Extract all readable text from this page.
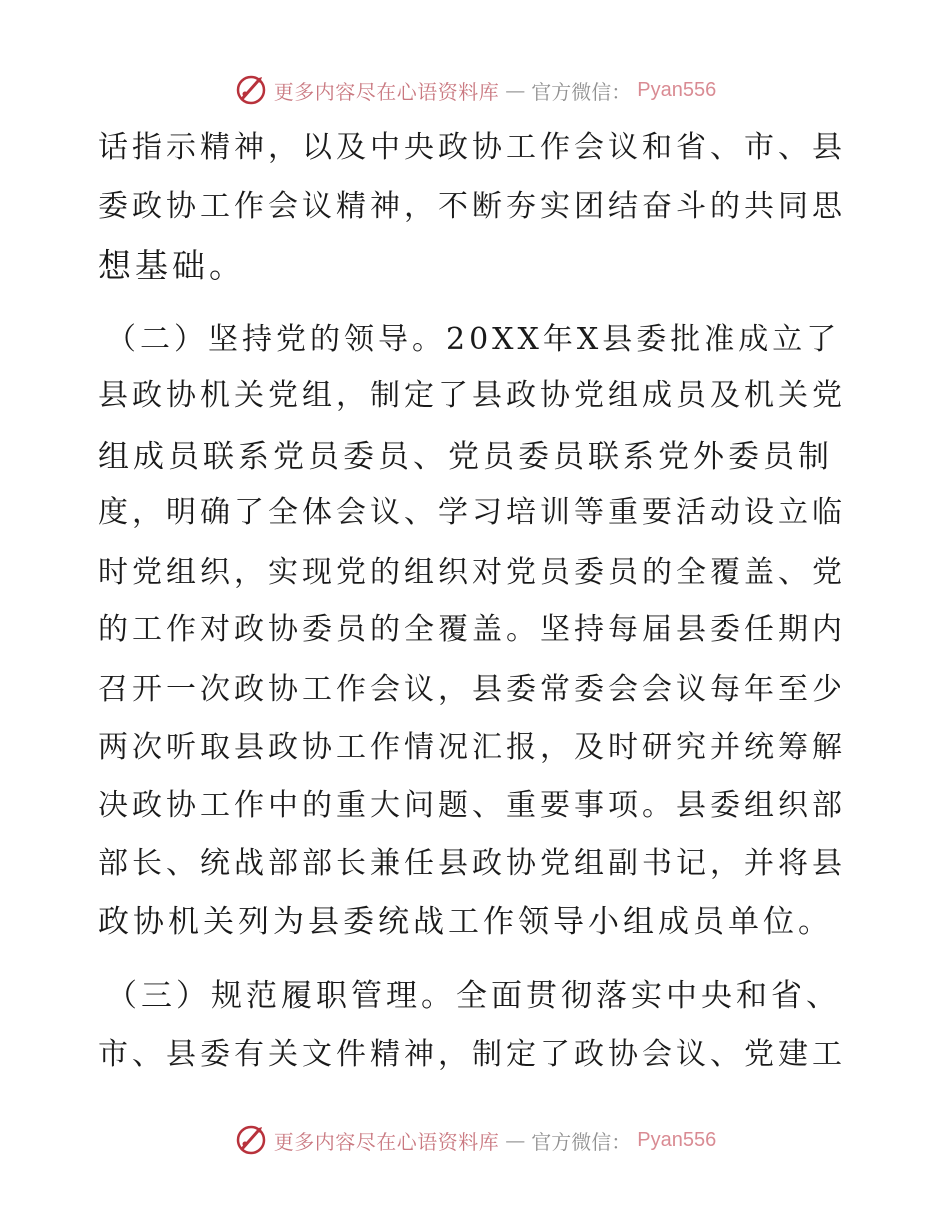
更多内容尽在心语资料库 — 官方微信： Pyan556
话指示精神，以及中央政协工作会议和省、市、县
委政协工作会议精神，不断夯实团结奋斗的共同思
想基础。
（二）坚持党的领导。20XX年X县委批准成立了
县政协机关党组，制定了县政协党组成员及机关党
组成员联系党员委员、党员委员联系党外委员制
度，明确了全体会议、学习培训等重要活动设立临
时党组织，实现党的组织对党员委员的全覆盖、党
的工作对政协委员的全覆盖。坚持每届县委任期内
召开一次政协工作会议，县委常委会会议每年至少
两次听取县政协工作情况汇报，及时研究并统筹解
决政协工作中的重大问题、重要事项。县委组织部
部长、统战部部长兼任县政协党组副书记，并将县
政协机关列为县委统战工作领导小组成员单位。
（三）规范履职管理。全面贯彻落实中央和省、
市、县委有关文件精神，制定了政协会议、党建工
更多内容尽在心语资料库 — 官方微信： Pyan556
